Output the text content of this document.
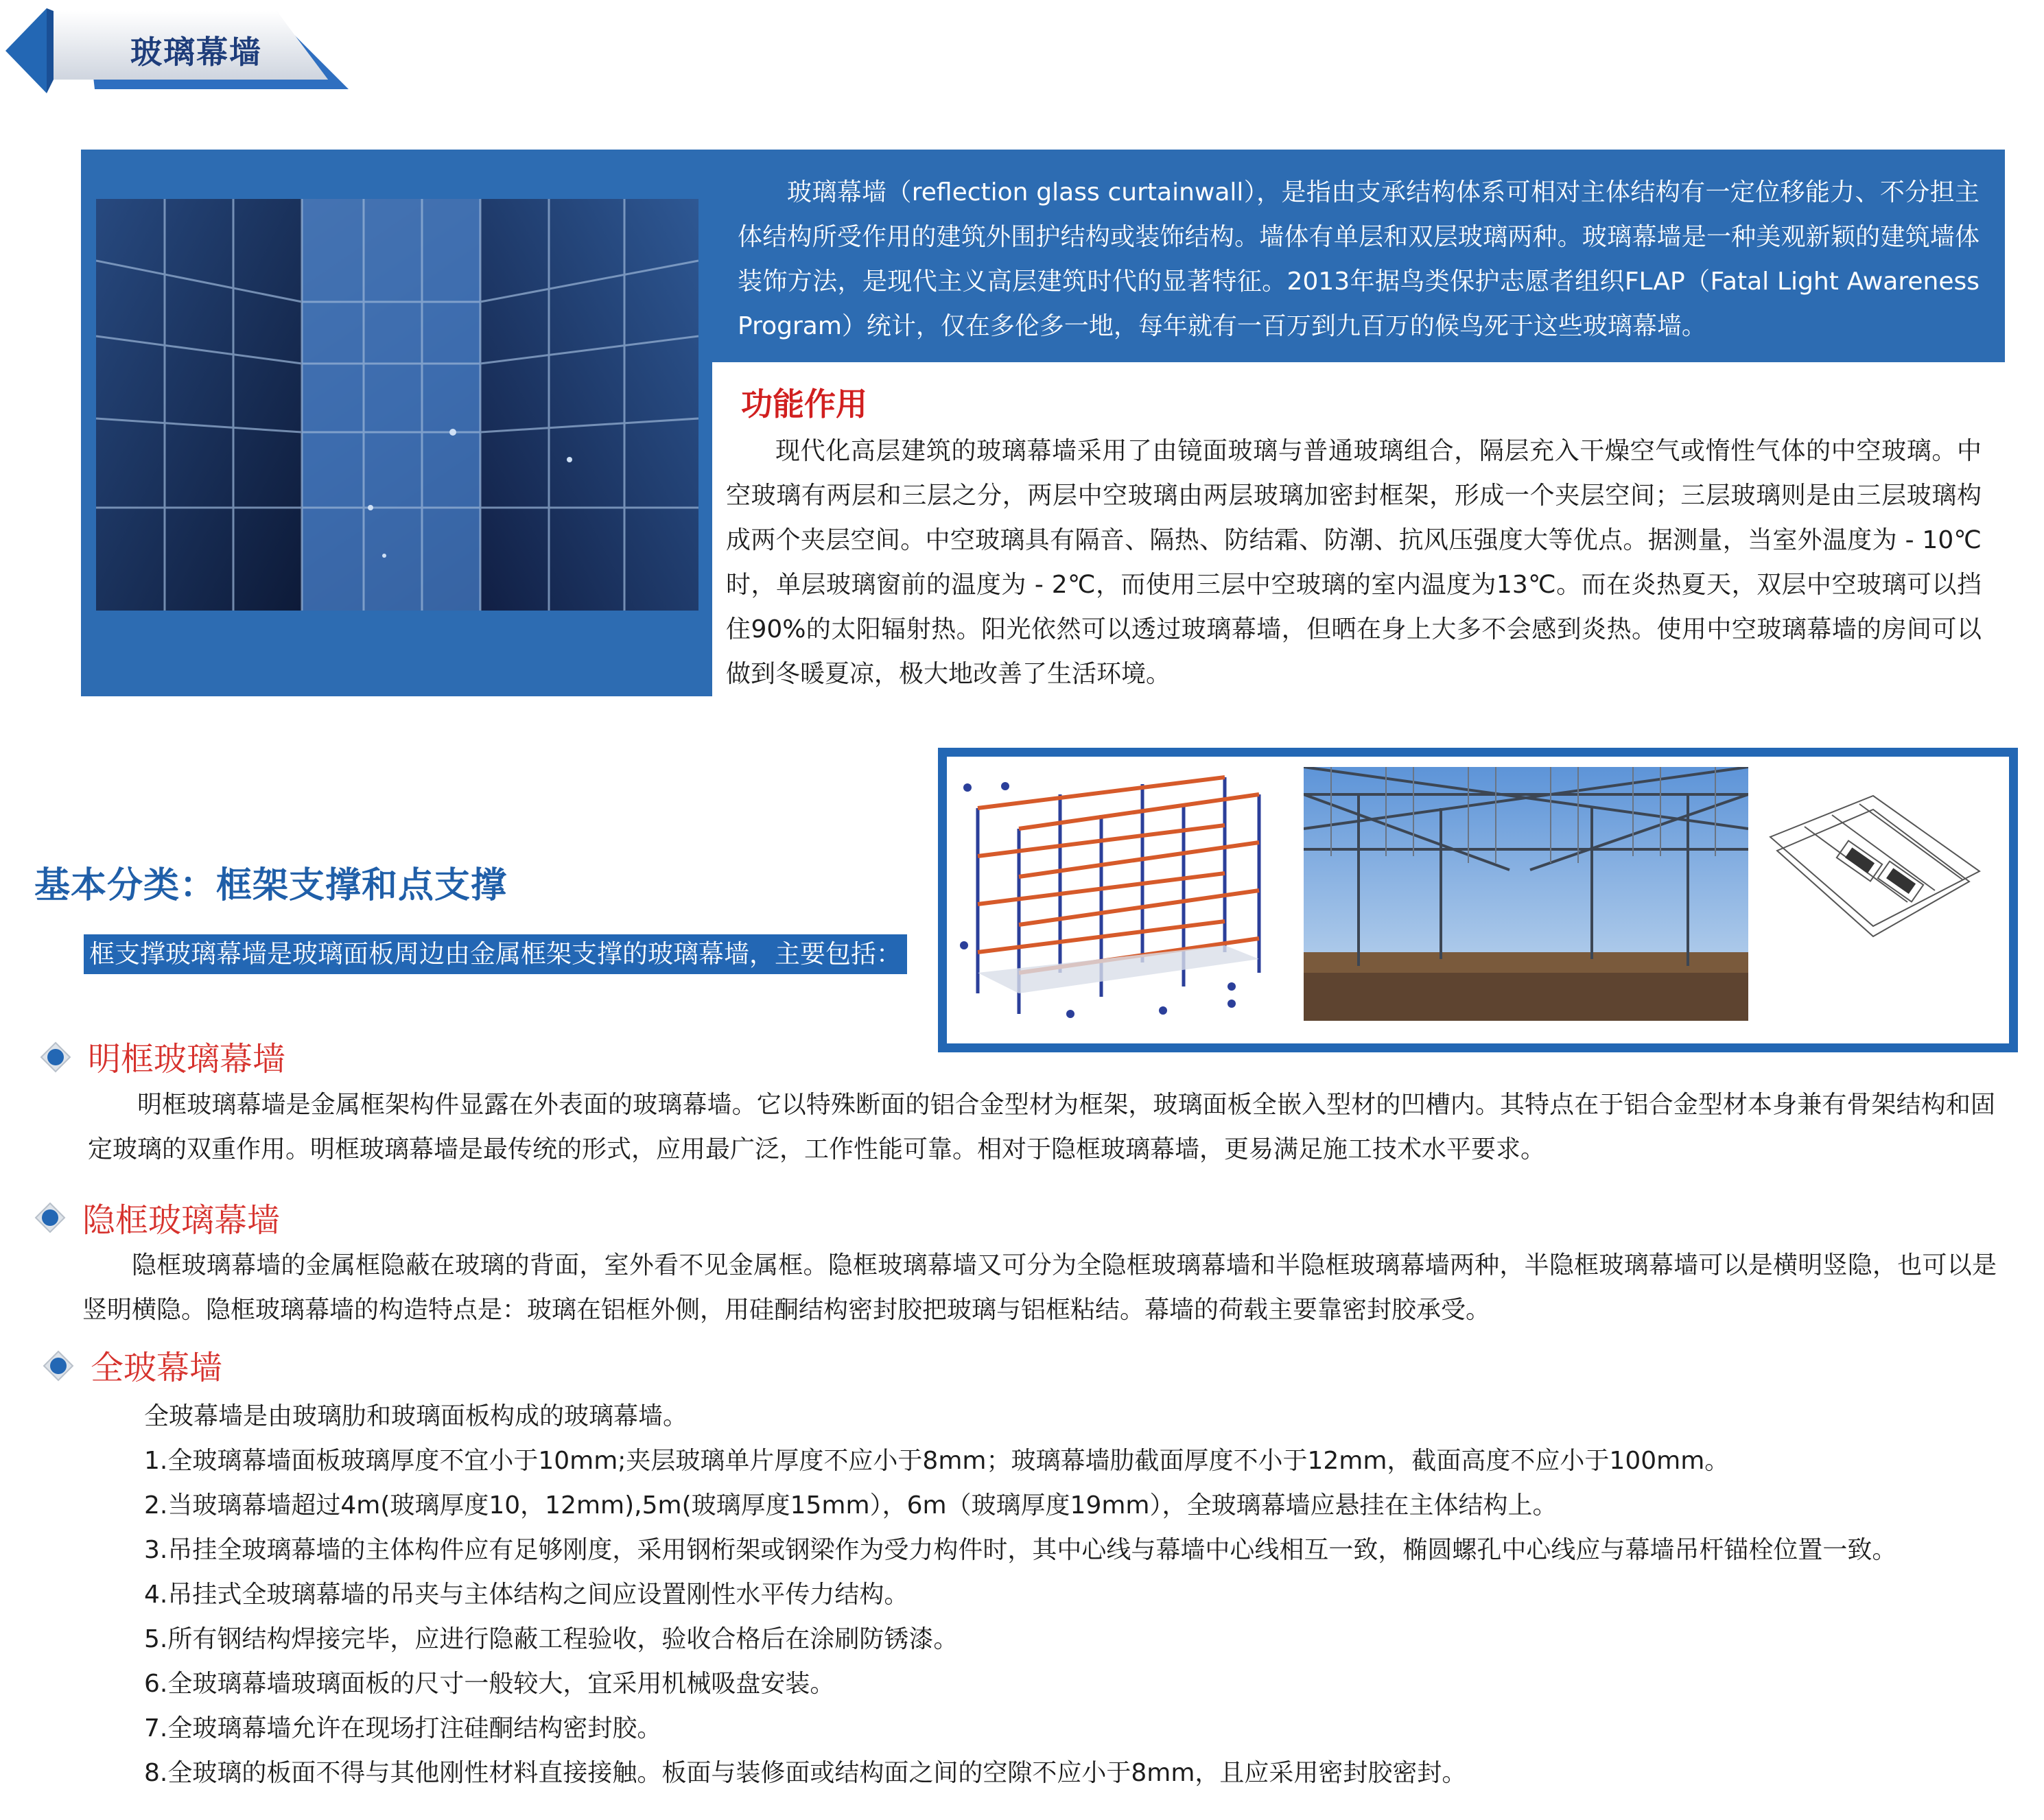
玻璃幕墙
玻璃幕墙（reflection glass curtainwall），是指由支承结构体系可相对主体结构有一定位移能力、不分担主体结构所受作用的建筑外围护结构或装饰结构。墙体有单层和双层玻璃两种。玻璃幕墙是一种美观新颖的建筑墙体装饰方法，是现代主义高层建筑时代的显著特征。2013年据鸟类保护志愿者组织FLAP（Fatal Light Awareness Program）统计，仅在多伦多一地，每年就有一百万到九百万的候鸟死于这些玻璃幕墙。
功能作用
现代化高层建筑的玻璃幕墙采用了由镜面玻璃与普通玻璃组合，隔层充入干燥空气或惰性气体的中空玻璃。中空玻璃有两层和三层之分，两层中空玻璃由两层玻璃加密封框架，形成一个夹层空间；三层玻璃则是由三层玻璃构成两个夹层空间。中空玻璃具有隔音、隔热、防结霜、防潮、抗风压强度大等优点。据测量，当室外温度为 - 10℃时，单层玻璃窗前的温度为 - 2℃，而使用三层中空玻璃的室内温度为13℃。而在炎热夏天，双层中空玻璃可以挡住90%的太阳辐射热。阳光依然可以透过玻璃幕墙，但晒在身上大多不会感到炎热。使用中空玻璃幕墙的房间可以做到冬暖夏凉，极大地改善了生活环境。
基本分类：框架支撑和点支撑
框支撑玻璃幕墙是玻璃面板周边由金属框架支撑的玻璃幕墙，主要包括：
明框玻璃幕墙
明框玻璃幕墙是金属框架构件显露在外表面的玻璃幕墙。它以特殊断面的铝合金型材为框架，玻璃面板全嵌入型材的凹槽内。其特点在于铝合金型材本身兼有骨架结构和固定玻璃的双重作用。明框玻璃幕墙是最传统的形式，应用最广泛，工作性能可靠。相对于隐框玻璃幕墙，更易满足施工技术水平要求。
隐框玻璃幕墙
隐框玻璃幕墙的金属框隐蔽在玻璃的背面，室外看不见金属框。隐框玻璃幕墙又可分为全隐框玻璃幕墙和半隐框玻璃幕墙两种，半隐框玻璃幕墙可以是横明竖隐，也可以是竖明横隐。隐框玻璃幕墙的构造特点是：玻璃在铝框外侧，用硅酮结构密封胶把玻璃与铝框粘结。幕墙的荷载主要靠密封胶承受。
全玻幕墙
全玻幕墙是由玻璃肋和玻璃面板构成的玻璃幕墙。
1.全玻璃幕墙面板玻璃厚度不宜小于10mm;夹层玻璃单片厚度不应小于8mm；玻璃幕墙肋截面厚度不小于12mm，截面高度不应小于100mm。
2.当玻璃幕墙超过4m(玻璃厚度10，12mm),5m(玻璃厚度15mm），6m（玻璃厚度19mm），全玻璃幕墙应悬挂在主体结构上。
3.吊挂全玻璃幕墙的主体构件应有足够刚度，采用钢桁架或钢梁作为受力构件时，其中心线与幕墙中心线相互一致，椭圆螺孔中心线应与幕墙吊杆锚栓位置一致。
4.吊挂式全玻璃幕墙的吊夹与主体结构之间应设置刚性水平传力结构。
5.所有钢结构焊接完毕，应进行隐蔽工程验收，验收合格后在涂刷防锈漆。
6.全玻璃幕墙玻璃面板的尺寸一般较大，宜采用机械吸盘安装。
7.全玻璃幕墙允许在现场打注硅酮结构密封胶。
8.全玻璃的板面不得与其他刚性材料直接接触。板面与装修面或结构面之间的空隙不应小于8mm，且应采用密封胶密封。
